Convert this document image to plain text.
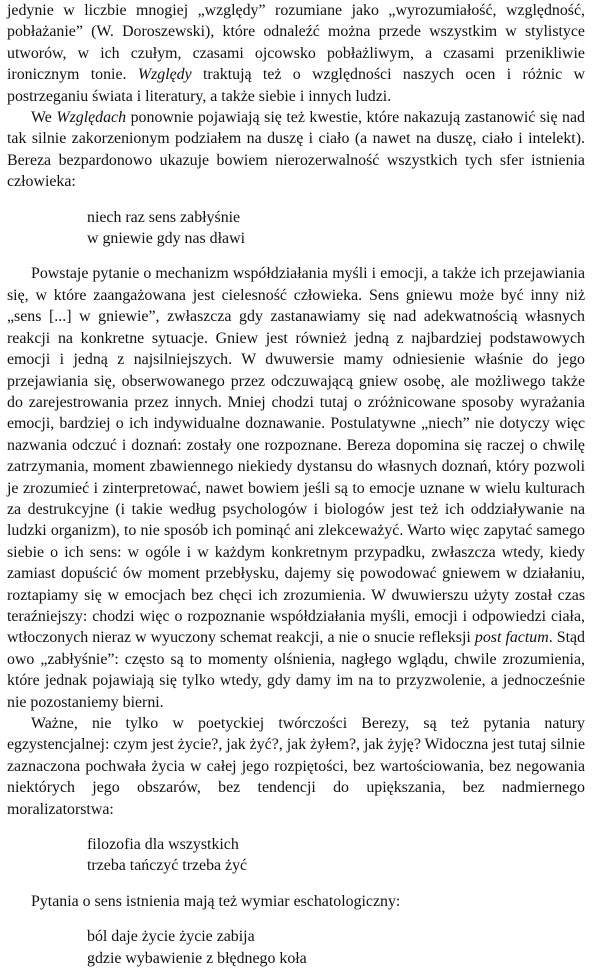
jedynie w liczbie mnogiej „względy” rozumiane jako „wyrozumiałość, względność, pobłażanie” (W. Doroszewski), które odnaleźć można przede wszystkim w stylistyce utworów, w ich czułym, czasami ojcowsko pobłażliwym, a czasami przenikliwie ironicznym tonie. Względy traktują też o względności naszych ocen i różnic w postrzeganiu świata i literatury, a także siebie i innych ludzi.

We Względach ponownie pojawiają się też kwestie, które nakazują zastanowić się nad tak silnie zakorzenionym podziałem na duszę i ciało (a nawet na duszę, ciało i intelekt). Bereza bezpardonowo ukazuje bowiem nierozerwalność wszystkich tych sfer istnienia człowieka:

niech raz sens zabłyśnie
w gniewie gdy nas dławi

Powstaje pytanie o mechanizm współdziałania myśli i emocji, a także ich przejawiania się, w które zaangażowana jest cielesność człowieka. Sens gniewu może być inny niż „sens [...] w gniewie”, zwłaszcza gdy zastanawiamy się nad adekwatnością własnych reakcji na konkretne sytuacje. Gniew jest również jedną z najbardziej podstawowych emocji i jedną z najsilniejszych. W dwuwersie mamy odniesienie właśnie do jego przejawiania się, obserwowanego przez odczuwającą gniew osobę, ale możliwego także do zarejestrowania przez innych. Mniej chodzi tutaj o zróżnicowane sposoby wyrażania emocji, bardziej o ich indywidualne doznawanie. Postulatywne „niech” nie dotyczy więc nazwania odczuć i doznań: zostały one rozpoznane. Bereza dopomina się raczej o chwilę zatrzymania, moment zbawiennego niekiedy dystansu do własnych doznań, który pozwoli je zrozumieć i zinterpretować, nawet bowiem jeśli są to emocje uznane w wielu kulturach za destrukcyjne (i takie według psychologów i biologów jest też ich oddziaływanie na ludzki organizm), to nie sposób ich pominąć ani zlekceważyć. Warto więc zapytać samego siebie o ich sens: w ogóle i w każdym konkretnym przypadku, zwłaszcza wtedy, kiedy zamiast dopuścić ów moment przebłysku, dajemy się powodować gniewem w działaniu, roztapiamy się w emocjach bez chęci ich zrozumienia. W dwuwierszu użyty został czas teraźniejszy: chodzi więc o rozpoznanie współdziałania myśli, emocji i odpowiedzi ciała, wtłoczonych nieraz w wyuczony schemat reakcji, a nie o snucie refleksji post factum. Stąd owo „zabłyśnie”: często są to momenty olśnienia, nagłego wglądu, chwile zrozumienia, które jednak pojawiają się tylko wtedy, gdy damy im na to przyzwolenie, a jednocześnie nie pozostaniemy bierni.

Ważne, nie tylko w poetyckiej twórczości Berezy, są też pytania natury egzystencjalnej: czym jest życie?, jak żyć?, jak żyłem?, jak żyję? Widoczna jest tutaj silnie zaznaczona pochwała życia w całej jego rozpiętości, bez wartościowania, bez negowania niektórych jego obszarów, bez tendencji do upiększania, bez nadmiernego moralizatorstwa:

filozofia dla wszystkich
trzeba tańczyć trzeba żyć

Pytania o sens istnienia mają też wymiar eschatologiczny:

ból daje życie życie zabija
gdzie wybawienie z błędnego koła
